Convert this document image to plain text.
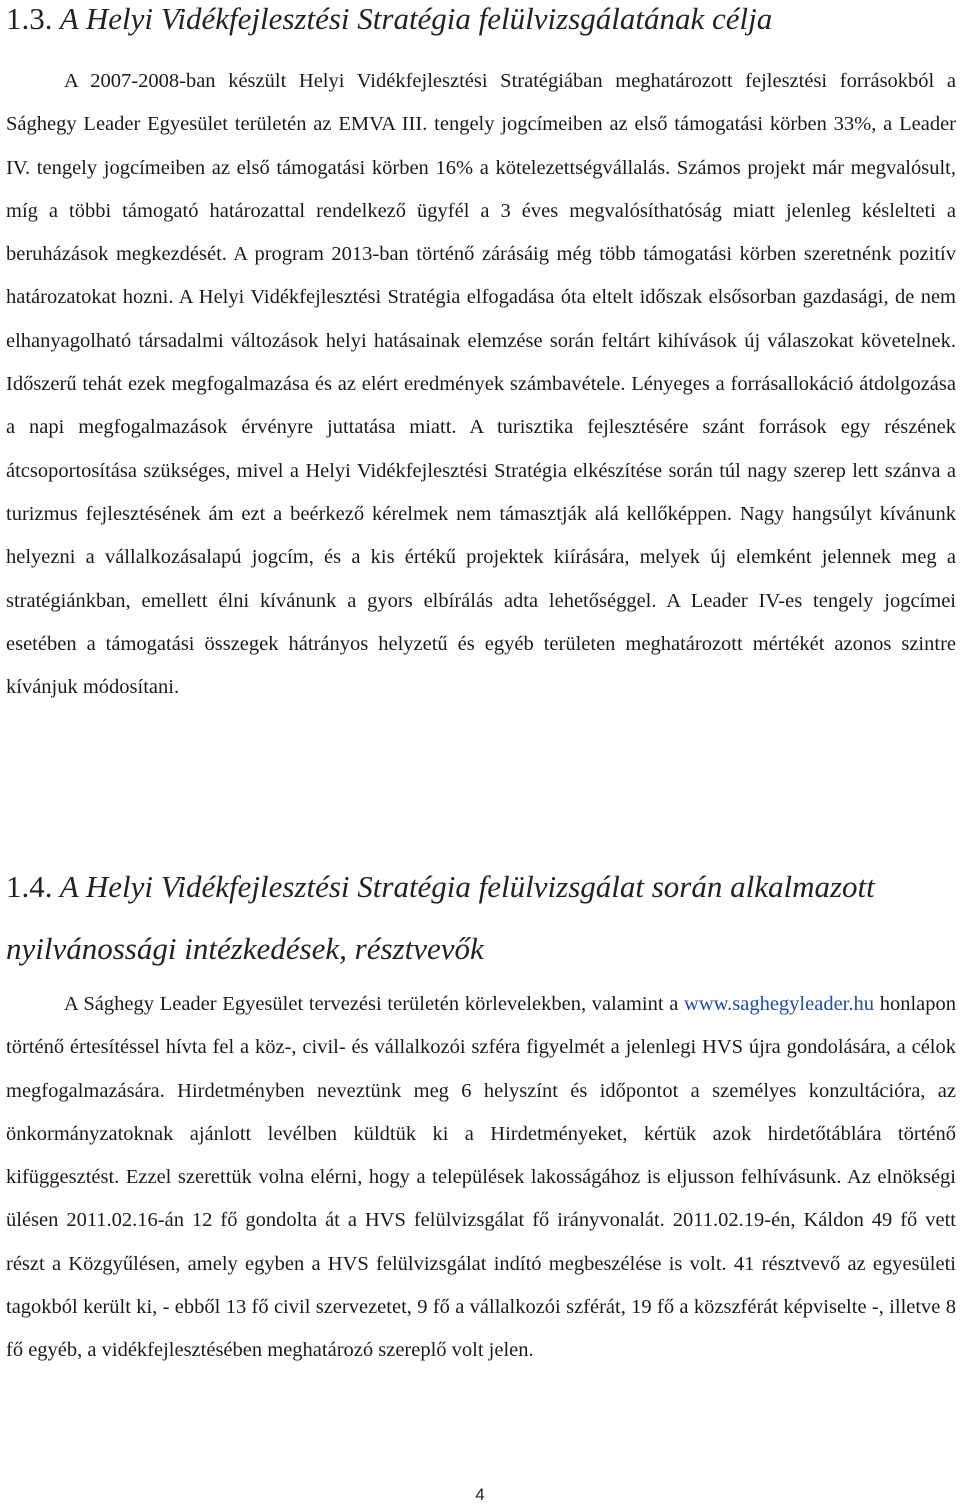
1.3. A Helyi Vidékfejlesztési Stratégia felülvizsgálatának célja

A 2007-2008-ban készült Helyi Vidékfejlesztési Stratégiában meghatározott fejlesztési forrásokból a Sághegy Leader Egyesület területén az EMVA III. tengely jogcímeiben az első támogatási körben 33%, a Leader IV. tengely jogcímeiben az első támogatási körben 16% a kötelezettségvállalás. Számos projekt már megvalósult, míg a többi támogató határozattal rendelkező ügyfél a 3 éves megvalósíthatóság miatt jelenleg késlelteti a beruházások megkezdését. A program 2013-ban történő zárásáig még több támogatási körben szeretnénk pozitív határozatokat hozni. A Helyi Vidékfejlesztési Stratégia elfogadása óta eltelt időszak elsősorban gazdasági, de nem elhanyagolható társadalmi változások helyi hatásainak elemzése során feltárt kihívások új válaszokat követelnek. Időszerű tehát ezek megfogalmazása és az elért eredmények számbavétele. Lényeges a forrásallokáció átdolgozása a napi megfogalmazások érvényre juttatása miatt. A turisztika fejlesztésére szánt források egy részének átcsoportosítása szükséges, mivel a Helyi Vidékfejlesztési Stratégia elkészítése során túl nagy szerep lett szánva a turizmus fejlesztésének ám ezt a beérkező kérelmek nem támasztják alá kellőképpen. Nagy hangsúlyt kívánunk helyezni a vállalkozásalapú jogcím, és a kis értékű projektek kiírására, melyek új elemként jelennek meg a stratégiánkban, emellett élni kívánunk a gyors elbírálás adta lehetőséggel. A Leader IV-es tengely jogcímei esetében a támogatási összegek hátrányos helyzetű és egyéb területen meghatározott mértékét azonos szintre kívánjuk módosítani.

1.4. A Helyi Vidékfejlesztési Stratégia felülvizsgálat során alkalmazott nyilvánossági intézkedések, résztvevők

A Sághegy Leader Egyesület tervezési területén körlevelekben, valamint a www.saghegyleader.hu honlapon történő értesítéssel hívta fel a köz-, civil- és vállalkozói szféra figyelmét a jelenlegi HVS újra gondolására, a célok megfogalmazására. Hirdetményben neveztünk meg 6 helyszínt és időpontot a személyes konzultációra, az önkormányzatoknak ajánlott levélben küldtük ki a Hirdetményeket, kértük azok hirdetőtáblára történő kifüggesztést. Ezzel szerettük volna elérni, hogy a települések lakosságához is eljusson felhívásunk. Az elnökségi ülésen 2011.02.16-án 12 fő gondolta át a HVS felülvizsgálat fő irányvonalát. 2011.02.19-én, Káldon 49 fő vett részt a Közgyűlésen, amely egyben a HVS felülvizsgálat indító megbeszélése is volt. 41 résztvevő az egyesületi tagokból került ki, - ebből 13 fő civil szervezetet, 9 fő a vállalkozói szférát, 19 fő a közszférát képviselte -, illetve 8 fő egyéb, a vidékfejlesztésében meghatározó szereplő volt jelen.

4
